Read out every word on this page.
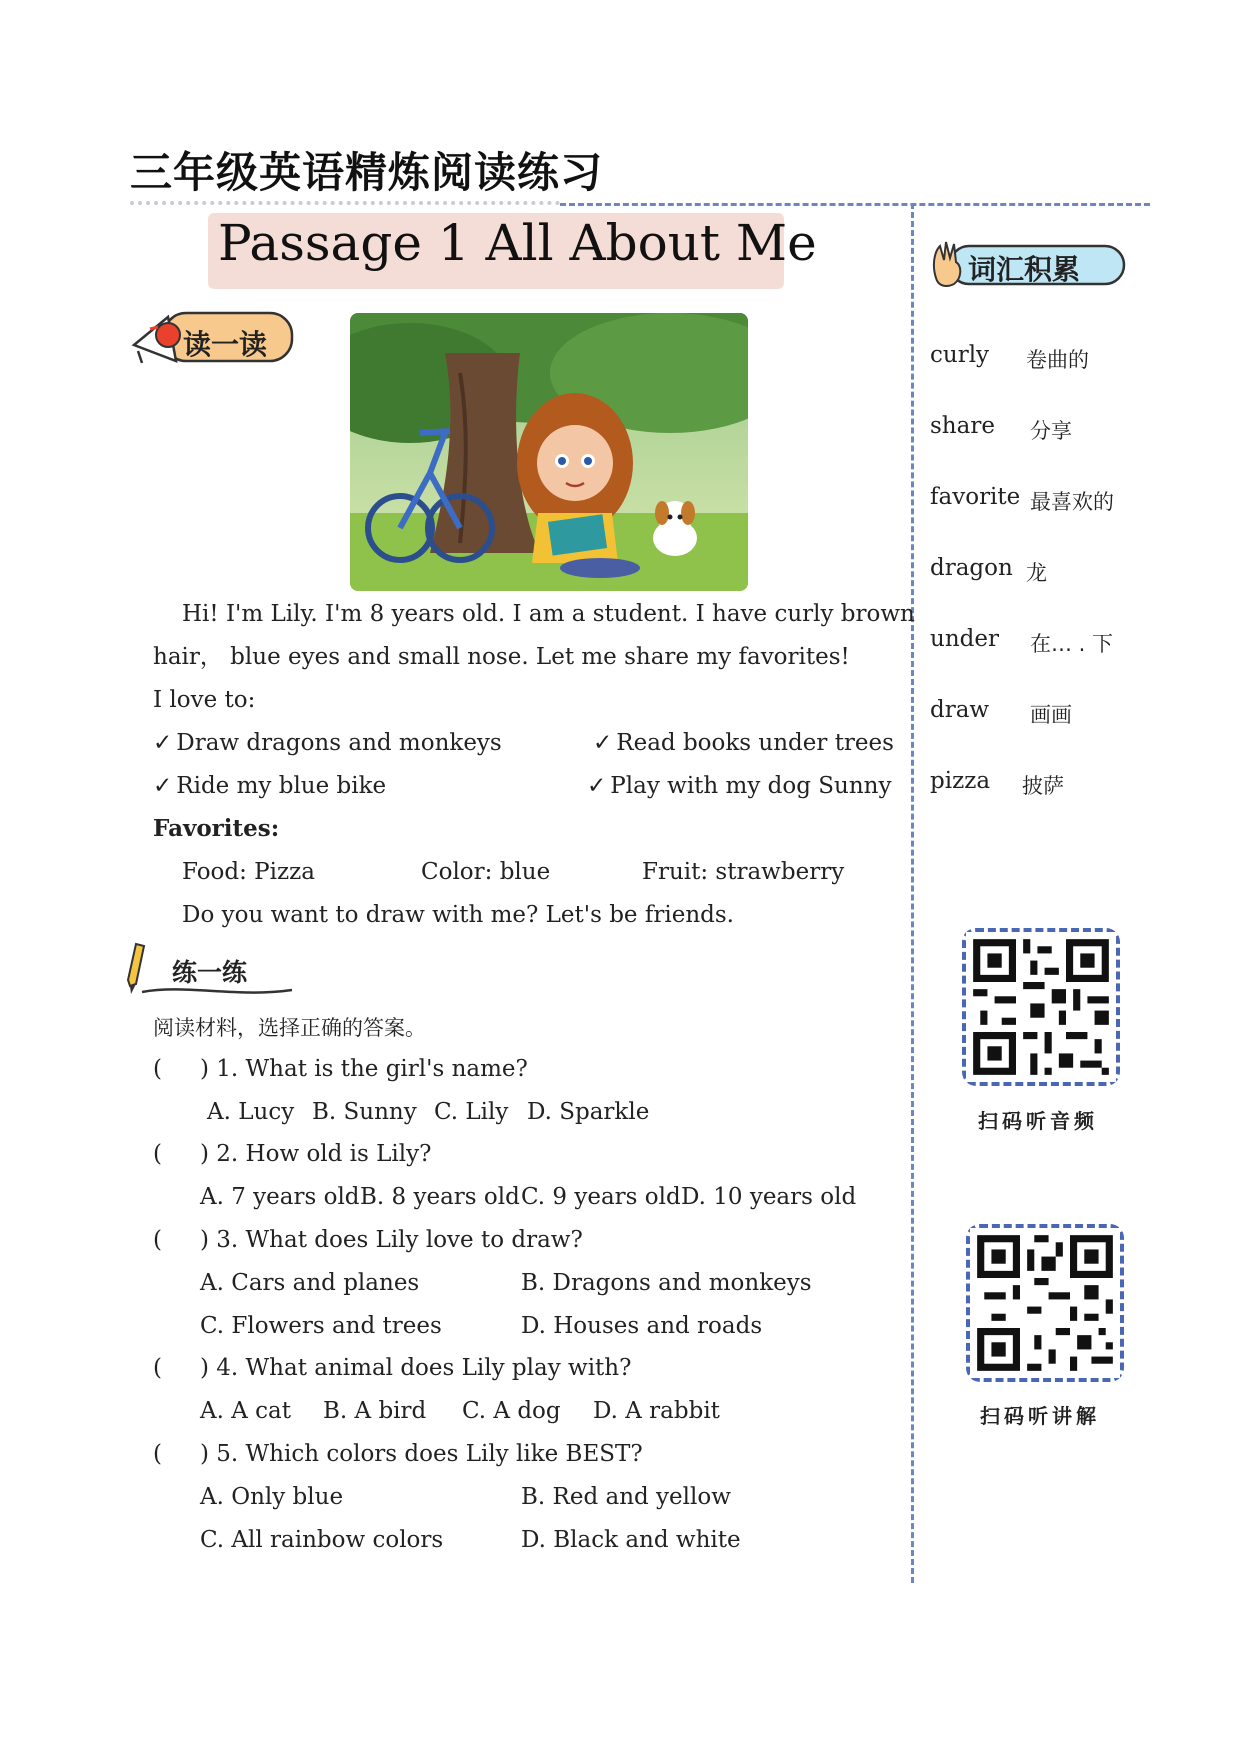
三年级英语精炼阅读练习
Passage 1 All About Me
读一读
Hi! I'm Lily. I'm 8 years old. I am a student. I have curly brown
hair， blue eyes and small nose. Let me share my favorites!
I love to:
✓ Draw dragons and monkeys	✓ Read books under trees
✓ Ride my blue bike	✓ Play with my dog Sunny
Favorites:
Food: Pizza	Color: blue	Fruit: strawberry
Do you want to draw with me? Let's be friends.
练一练
阅读材料，选择正确的答案。
( ) 1. What is the girl's name?
A. Lucy B. Sunny C. Lily D. Sparkle
( ) 2. How old is Lily?
A. 7 years old B. 8 years old C. 9 years old D. 10 years old
( ) 3. What does Lily love to draw?
A. Cars and planes	B. Dragons and monkeys
C. Flowers and trees	D. Houses and roads
( ) 4. What animal does Lily play with?
A. A cat B. A bird C. A dog D. A rabbit
( ) 5. Which colors does Lily like BEST?
A. Only blue	B. Red and yellow
C. All rainbow colors	D. Black and white
词汇积累
curly 卷曲的
share 分享
favorite 最喜欢的
dragon 龙
under 在… . 下
draw 画画
pizza 披萨
扫码听音频
扫码听讲解
